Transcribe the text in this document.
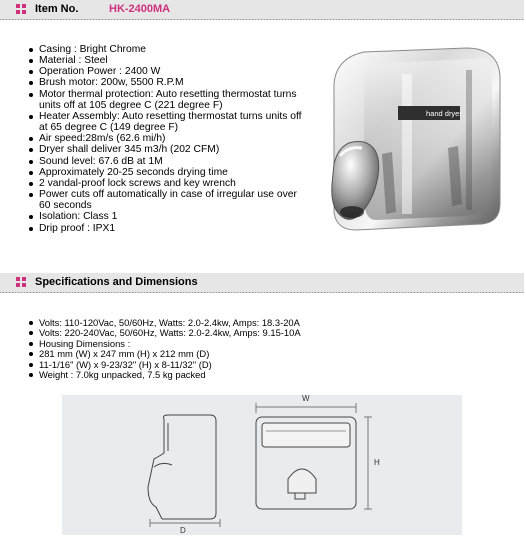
Item No.	HK-2400MA
Casing : Bright Chrome
Material : Steel
Operation Power : 2400 W
Brush motor: 200w, 5500 R.P.M
Motor thermal protection: Auto resetting thermostat turns units off at 105 degree C (221 degree F)
Heater Assembly: Auto resetting thermostat turns units off at 65 degree C (149 degree F)
Air speed:28m/s (62.6 mi/h)
Dryer shall deliver 345 m3/h (202 CFM)
Sound level: 67.6 dB at 1M
Approximately 20-25 seconds drying time
2 vandal-proof lock screws and key wrench
Power cuts off automatically in case of irregular use over 60 seconds
Isolation: Class 1
Drip proof : IPX1
hand dryer
Specifications and Dimensions
Volts: 110-120Vac, 50/60Hz, Watts: 2.0-2.4kw, Amps: 18.3-20A
Volts: 220-240Vac, 50/60Hz, Watts: 2.0-2.4kw, Amps: 9.15-10A
Housing Dimensions :
281 mm (W) x 247 mm (H) x 212 mm (D)
11-1/16" (W) x 9-23/32" (H) x 8-11/32" (D)
Weight : 7.0kg unpacked, 7.5 kg packed
D
W
H
